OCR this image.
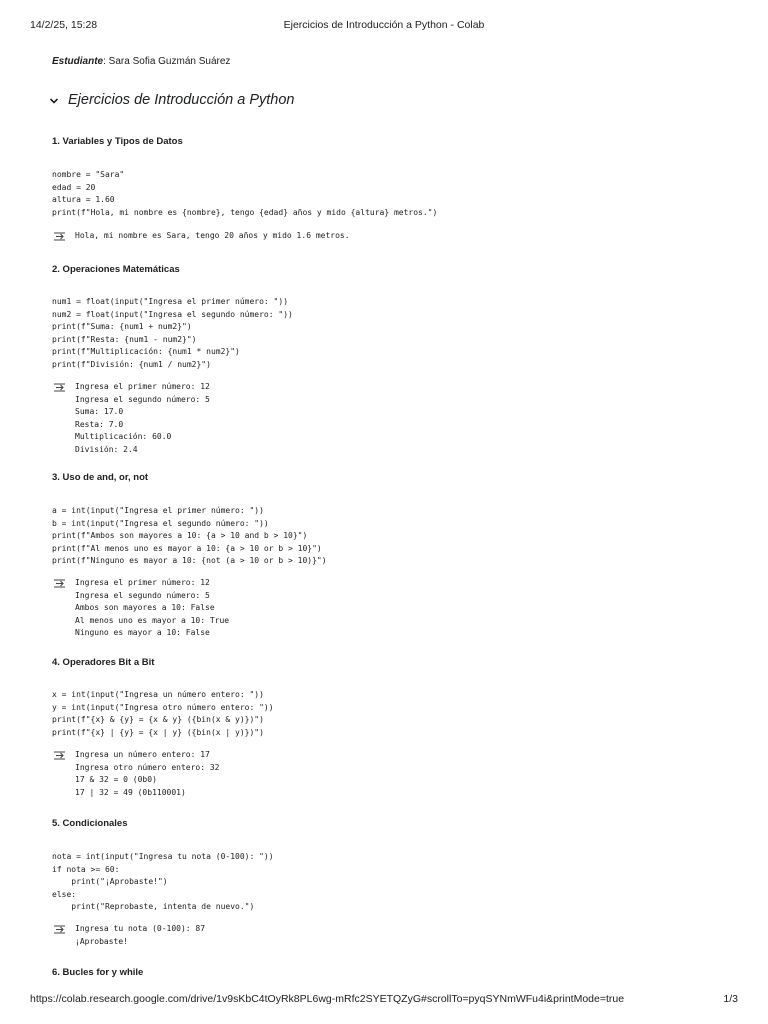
14/2/25, 15:28	Ejercicios de Introducción a Python - Colab
Estudiante: Sara Sofia Guzmán Suárez
Ejercicios de Introducción a Python
1. Variables y Tipos de Datos
nombre = "Sara"
edad = 20
altura = 1.60
print(f"Hola, mi nombre es {nombre}, tengo {edad} años y mido {altura} metros.")
Hola, mi nombre es Sara, tengo 20 años y mido 1.6 metros.
2. Operaciones Matemáticas
num1 = float(input("Ingresa el primer número: "))
num2 = float(input("Ingresa el segundo número: "))
print(f"Suma: {num1 + num2}")
print(f"Resta: {num1 - num2}")
print(f"Multiplicación: {num1 * num2}")
print(f"División: {num1 / num2}")
Ingresa el primer número: 12
Ingresa el segundo número: 5
Suma: 17.0
Resta: 7.0
Multiplicación: 60.0
División: 2.4
3. Uso de and, or, not
a = int(input("Ingresa el primer número: "))
b = int(input("Ingresa el segundo número: "))
print(f"Ambos son mayores a 10: {a > 10 and b > 10}")
print(f"Al menos uno es mayor a 10: {a > 10 or b > 10}")
print(f"Ninguno es mayor a 10: {not (a > 10 or b > 10)}")
Ingresa el primer número: 12
Ingresa el segundo número: 5
Ambos son mayores a 10: False
Al menos uno es mayor a 10: True
Ninguno es mayor a 10: False
4. Operadores Bit a Bit
x = int(input("Ingresa un número entero: "))
y = int(input("Ingresa otro número entero: "))
print(f"{x} & {y} = {x & y} ({bin(x & y)})")
print(f"{x} | {y} = {x | y} ({bin(x | y)})")
Ingresa un número entero: 17
Ingresa otro número entero: 32
17 & 32 = 0 (0b0)
17 | 32 = 49 (0b110001)
5. Condicionales
nota = int(input("Ingresa tu nota (0-100): "))
if nota >= 60:
print("¡Aprobaste!")
else:
print("Reprobaste, intenta de nuevo.")
Ingresa tu nota (0-100): 87
¡Aprobaste!
6. Bucles for y while
https://colab.research.google.com/drive/1v9sKbC4tOyRk8PL6wg-mRfc2SYETQZyG#scrollTo=pyqSYNmWFu4i&printMode=true	1/3
